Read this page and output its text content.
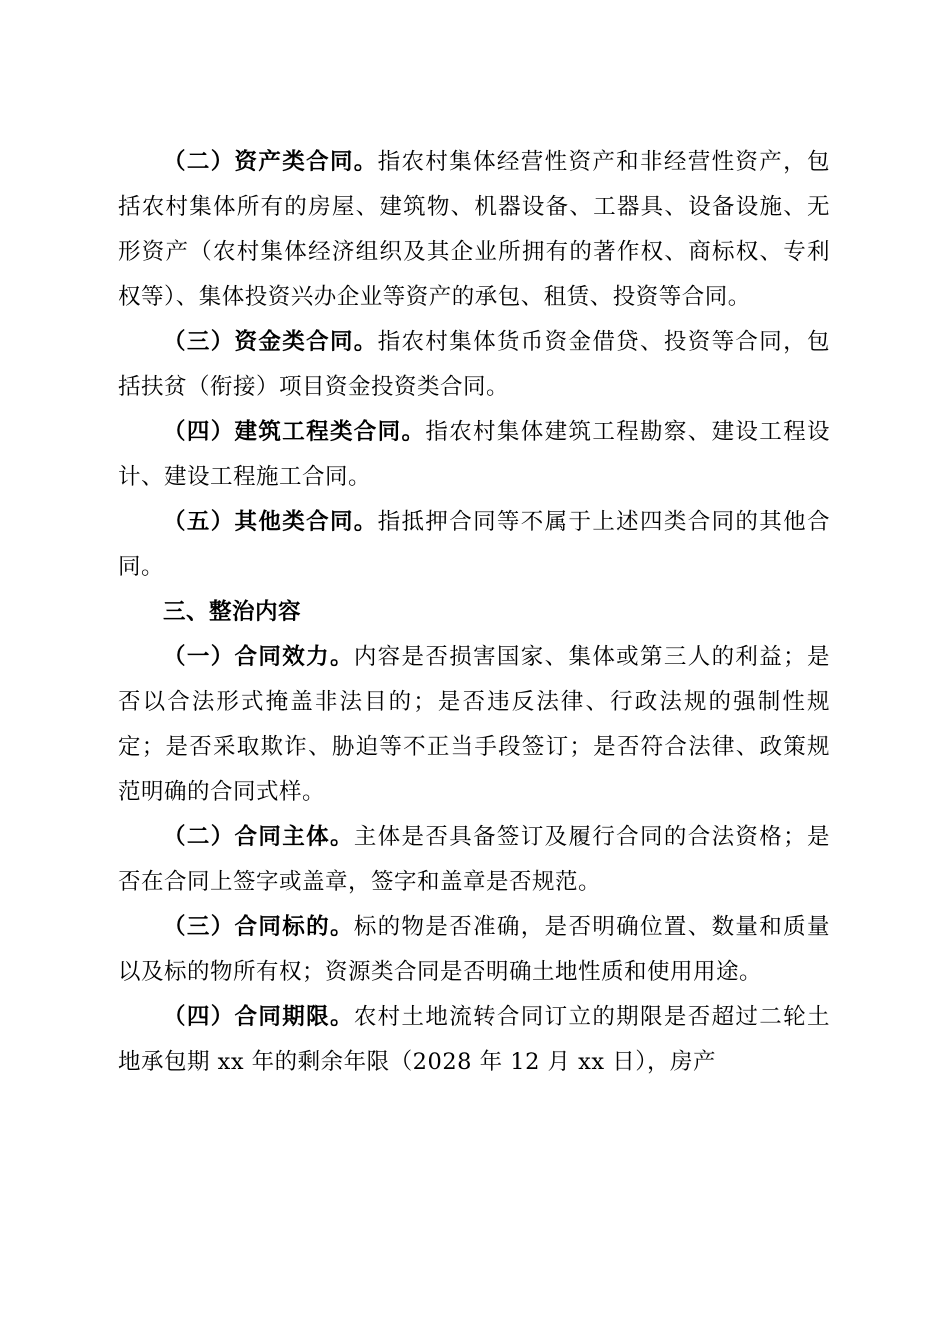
（二）资产类合同。指农村集体经营性资产和非经营性资产，包括农村集体所有的房屋、建筑物、机器设备、工器具、设备设施、无形资产（农村集体经济组织及其企业所拥有的著作权、商标权、专利权等）、集体投资兴办企业等资产的承包、租赁、投资等合同。

（三）资金类合同。指农村集体货币资金借贷、投资等合同，包括扶贫（衔接）项目资金投资类合同。

（四）建筑工程类合同。指农村集体建筑工程勘察、建设工程设计、建设工程施工合同。

（五）其他类合同。指抵押合同等不属于上述四类合同的其他合同。

三、整治内容

（一）合同效力。内容是否损害国家、集体或第三人的利益；是否以合法形式掩盖非法目的；是否违反法律、行政法规的强制性规定；是否采取欺诈、胁迫等不正当手段签订；是否符合法律、政策规范明确的合同式样。

（二）合同主体。主体是否具备签订及履行合同的合法资格；是否在合同上签字或盖章，签字和盖章是否规范。

（三）合同标的。标的物是否准确，是否明确位置、数量和质量以及标的物所有权；资源类合同是否明确土地性质和使用用途。

（四）合同期限。农村土地流转合同订立的期限是否超过二轮土地承包期 xx 年的剩余年限（2028 年 12 月 xx 日），房产
